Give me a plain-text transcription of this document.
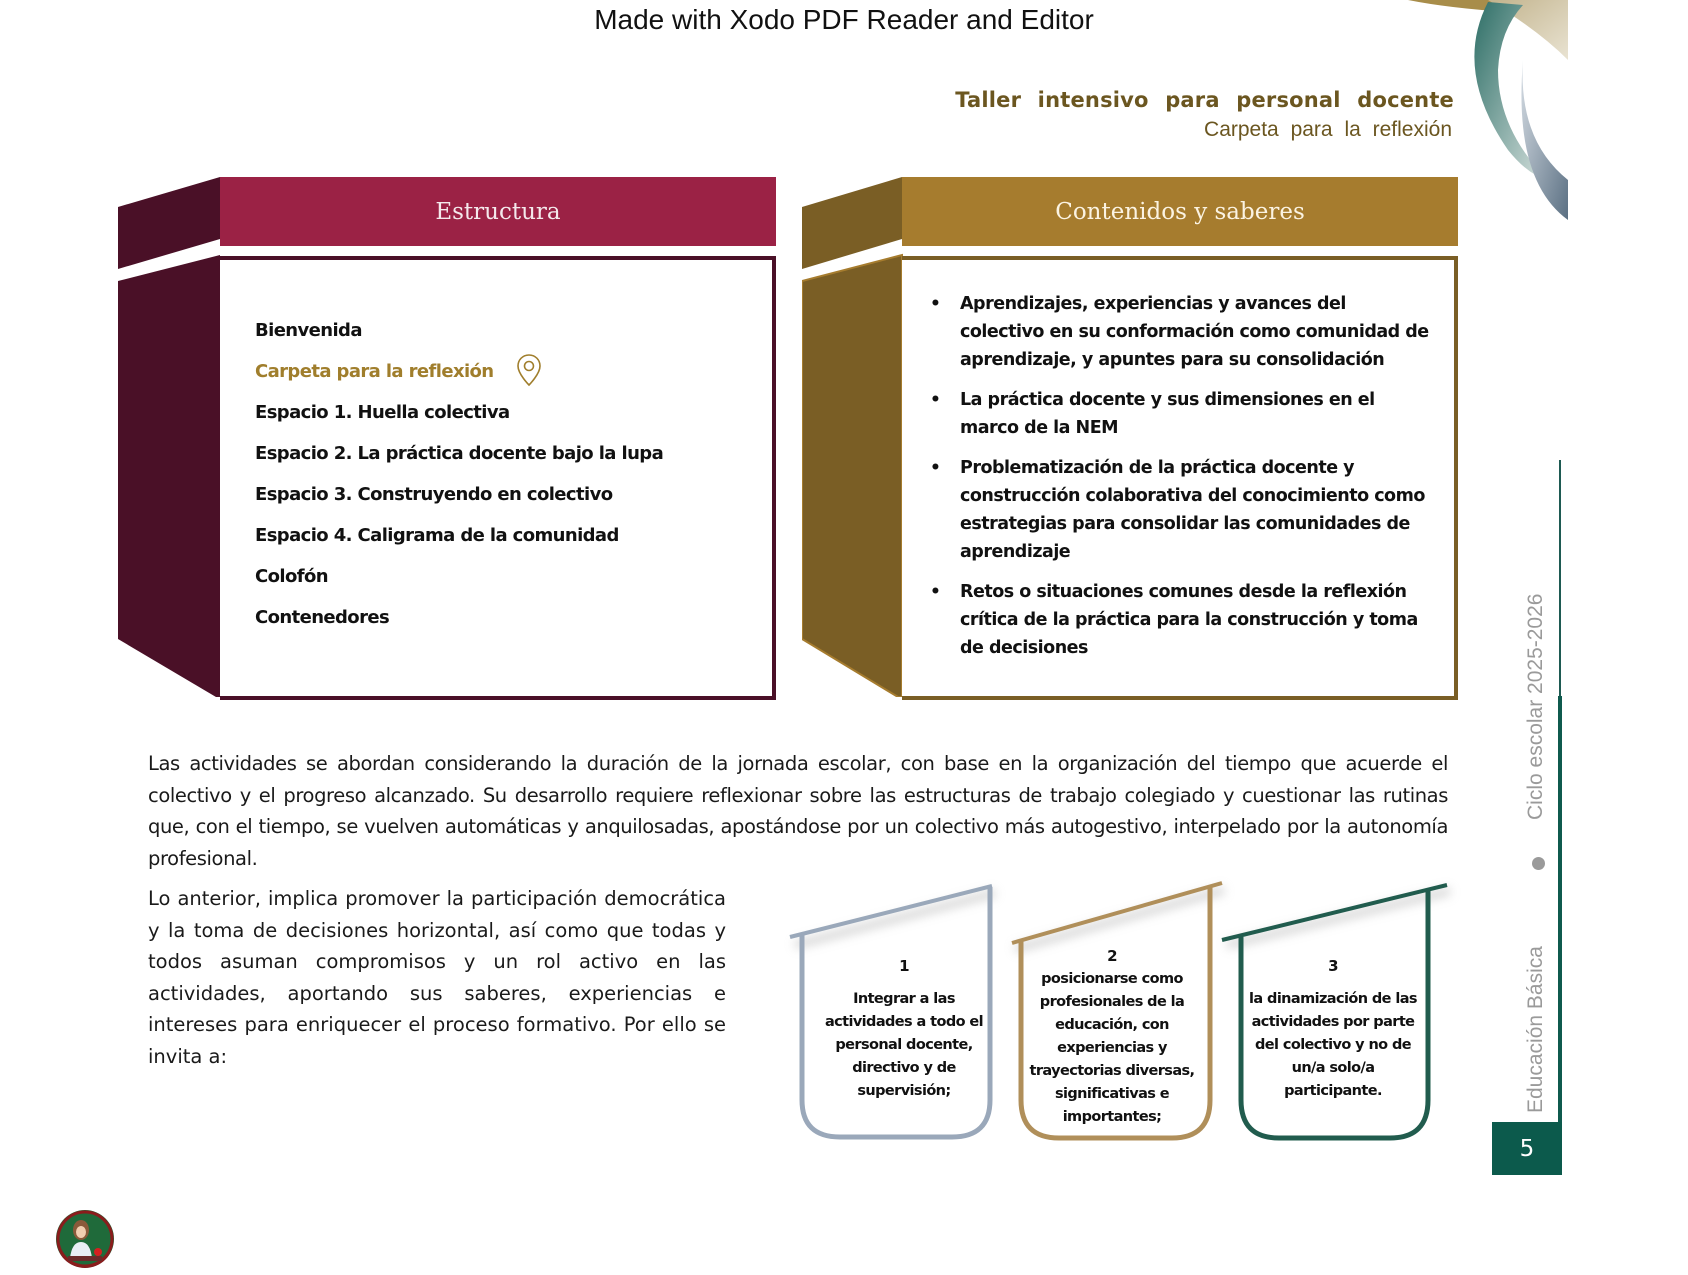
Made with Xodo PDF Reader and Editor
Taller intensivo para personal docente
Carpeta para la reflexión
Estructura
Bienvenida
Carpeta para la reflexión
Espacio 1. Huella colectiva
Espacio 2. La práctica docente bajo la lupa
Espacio 3. Construyendo en colectivo
Espacio 4. Caligrama de la comunidad
Colofón
Contenedores
Contenidos y saberes
• Aprendizajes, experiencias y avances del colectivo en su conformación como comunidad de aprendizaje, y apuntes para su consolidación
• La práctica docente y sus dimensiones en el marco de la NEM
• Problematización de la práctica docente y construcción colaborativa del conocimiento como estrategias para consolidar las comunidades de aprendizaje
• Retos o situaciones comunes desde la reflexión crítica de la práctica para la construcción y toma de decisiones

Las actividades se abordan considerando la duración de la jornada escolar, con base en la organización del tiempo que acuerde el colectivo y el progreso alcanzado. Su desarrollo requiere reflexionar sobre las estructuras de trabajo colegiado y cuestionar las rutinas que, con el tiempo, se vuelven automáticas y anquilosadas, apostándose por un colectivo más autogestivo, interpelado por la autonomía profesional.

Lo anterior, implica promover la participación democrática y la toma de decisiones horizontal, así como que todas y todos asuman compromisos y un rol activo en las actividades, aportando sus saberes, experiencias e intereses para enriquecer el proceso formativo. Por ello se invita a:

1
Integrar a las actividades a todo el personal docente, directivo y de supervisión;
2
posicionarse como profesionales de la educación, con experiencias y trayectorias diversas, significativas e importantes;
3
la dinamización de las actividades por parte del colectivo y no de un/a solo/a participante.
Ciclo escolar 2025-2026
Educación Básica
5
